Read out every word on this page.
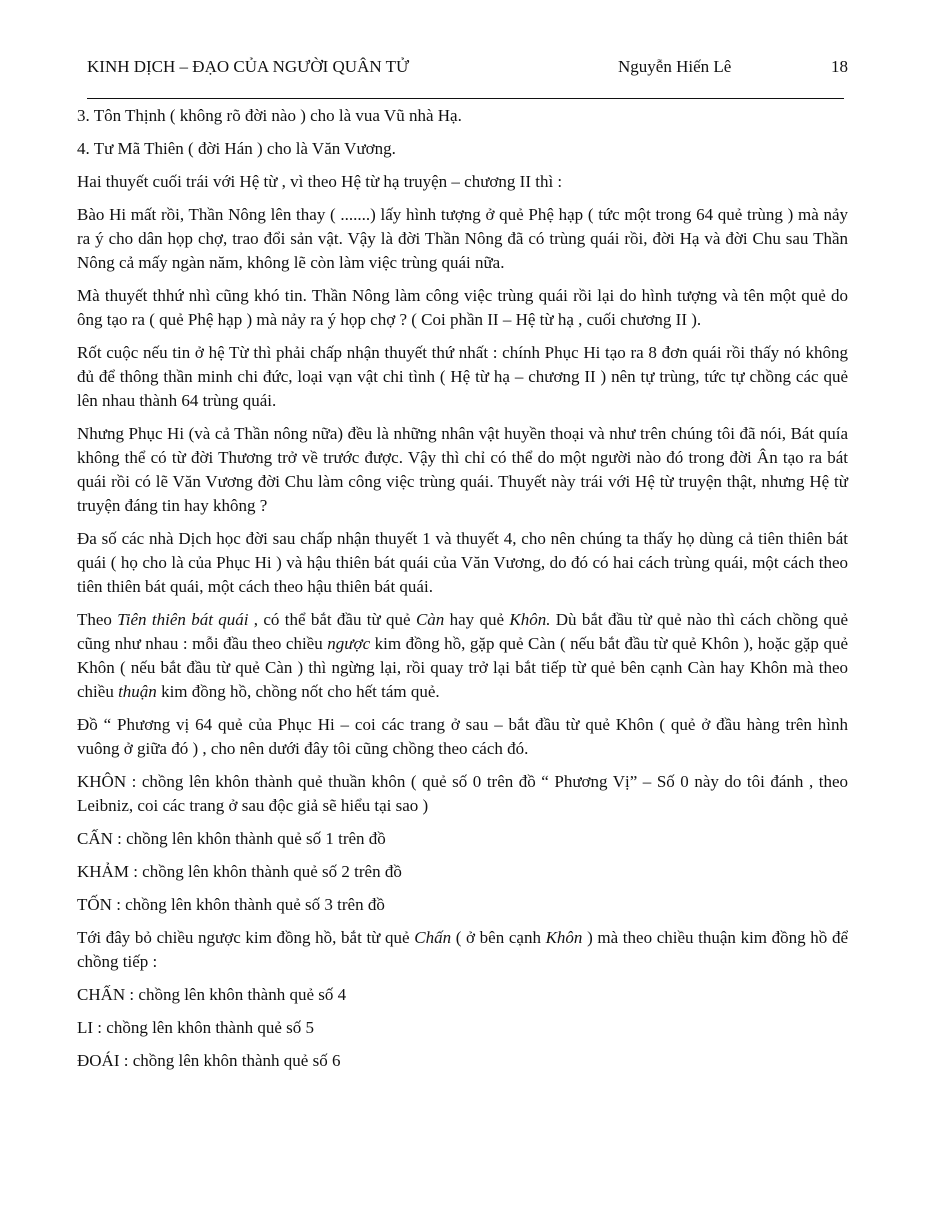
KINH DỊCH – ĐẠO CỦA NGƯỜI QUÂN TỬ	Nguyễn Hiến Lê	18

3. Tôn Thịnh ( không rõ đời nào ) cho là vua Vũ nhà Hạ.

4. Tư Mã Thiên ( đời Hán ) cho là Văn Vương.

Hai thuyết cuối trái với Hệ từ , vì theo Hệ từ hạ truyện – chương II thì :

Bào Hi mất rồi, Thần Nông lên thay ( .......) lấy hình tượng ở quẻ Phệ hạp ( tức một trong 64 quẻ trùng ) mà nảy ra ý cho dân họp chợ, trao đổi sản vật. Vậy là đời Thần Nông đã có trùng quái rồi, đời Hạ và đời Chu sau Thần Nông cả mấy ngàn năm, không lẽ còn làm việc trùng quái nữa.

Mà thuyết thhứ nhì cũng khó tin. Thần Nông làm công việc trùng quái rồi lại do hình tượng và tên một quẻ do ông tạo ra ( quẻ Phệ hạp ) mà nảy ra ý họp chợ ? ( Coi phần II – Hệ từ hạ , cuối chương II ).

Rốt cuộc nếu tin ở hệ Từ thì phải chấp nhận thuyết thứ nhất : chính Phục Hi tạo ra 8 đơn quái rồi thấy nó không đủ để thông thần minh chi đức, loại vạn vật chi tình ( Hệ từ hạ – chương II ) nên tự trùng, tức tự chồng các quẻ lên nhau thành 64 trùng quái.

Nhưng Phục Hi (và cả Thần nông nữa) đều là những nhân vật huyền thoại và như trên chúng tôi đã nói, Bát quía không thể có từ đời Thương trở về trước được. Vậy thì chỉ có thể do một người nào đó trong đời Ân tạo ra bát quái rồi có lẽ Văn Vương đời Chu làm công việc trùng quái. Thuyết này trái với Hệ từ truyện thật, nhưng Hệ từ truyện đáng tin hay không ?

Đa số các nhà Dịch học đời sau chấp nhận thuyết 1 và thuyết 4, cho nên chúng ta thấy họ dùng cả tiên thiên bát quái ( họ cho là của Phục Hi ) và hậu thiên bát quái của Văn Vương, do đó có hai cách trùng quái, một cách theo tiên thiên bát quái, một cách theo hậu thiên bát quái.

Theo Tiên thiên bát quái , có thể bắt đầu từ quẻ Càn hay quẻ Khôn. Dù bắt đầu từ quẻ nào thì cách chồng quẻ cũng như nhau : mỗi đầu theo chiều ngược kim đồng hồ, gặp quẻ Càn ( nếu bắt đầu từ quẻ Khôn ), hoặc gặp quẻ Khôn ( nếu bắt đầu từ quẻ Càn ) thì ngừng lại, rồi quay trở lại bắt tiếp từ quẻ bên cạnh Càn hay Khôn mà theo chiều thuận kim đồng hồ, chồng nốt cho hết tám quẻ.

Đồ “ Phương vị 64 quẻ của Phục Hi – coi các trang ở sau – bắt đầu từ quẻ Khôn ( quẻ ở đầu hàng trên hình vuông ở giữa đó ) , cho nên dưới đây tôi cũng chồng theo cách đó.

KHÔN : chồng lên khôn thành quẻ thuần khôn ( quẻ số 0 trên đồ “ Phương Vị” – Số 0 này do tôi đánh , theo Leibniz, coi các trang ở sau độc giả sẽ hiểu tại sao )

CẤN : chồng lên khôn thành quẻ số 1 trên đồ

KHẢM : chồng lên khôn thành quẻ số 2 trên đồ

TỐN : chồng lên khôn thành quẻ số 3 trên đồ

Tới đây bỏ chiều ngược kim đồng hồ, bắt từ quẻ Chấn ( ở bên cạnh Khôn ) mà theo chiều thuận kim đồng hồ để chồng tiếp :

CHẤN : chồng lên khôn thành quẻ số 4

LI : chồng lên khôn thành quẻ số 5

ĐOÁI : chồng lên khôn thành quẻ số 6
